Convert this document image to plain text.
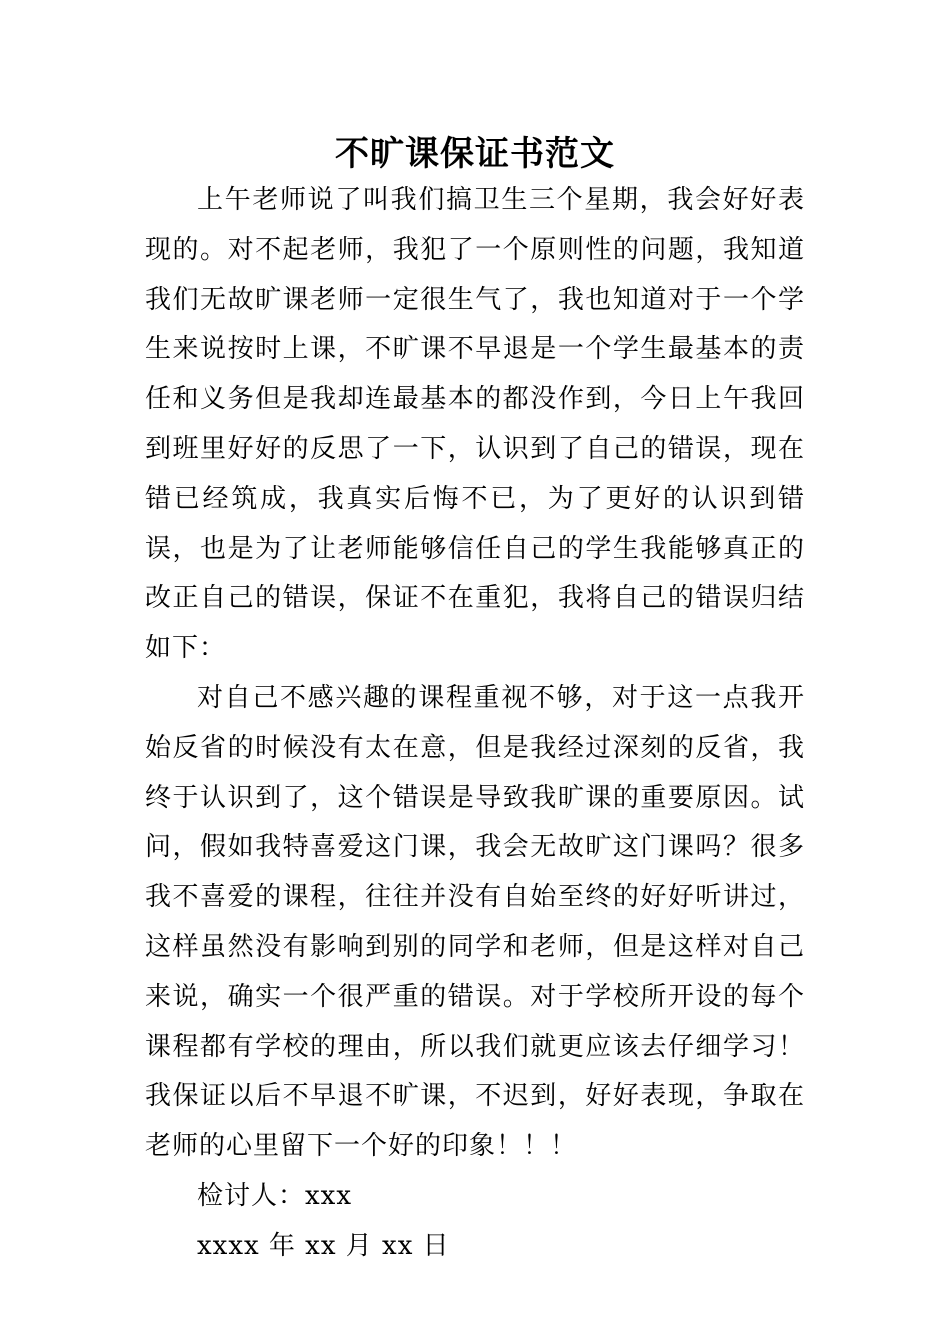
不旷课保证书范文

上午老师说了叫我们搞卫生三个星期，我会好好表现的。对不起老师，我犯了一个原则性的问题，我知道我们无故旷课老师一定很生气了，我也知道对于一个学生来说按时上课，不旷课不早退是一个学生最基本的责任和义务但是我却连最基本的都没作到，今日上午我回到班里好好的反思了一下，认识到了自己的错误，现在错已经筑成，我真实后悔不已，为了更好的认识到错误，也是为了让老师能够信任自己的学生我能够真正的改正自己的错误，保证不在重犯，我将自己的错误归结如下：

对自己不感兴趣的课程重视不够，对于这一点我开始反省的时候没有太在意，但是我经过深刻的反省，我终于认识到了，这个错误是导致我旷课的重要原因。试问，假如我特喜爱这门课，我会无故旷这门课吗？很多我不喜爱的课程，往往并没有自始至终的好好听讲过，这样虽然没有影响到别的同学和老师，但是这样对自己来说，确实一个很严重的错误。对于学校所开设的每个课程都有学校的理由，所以我们就更应该去仔细学习！我保证以后不早退不旷课，不迟到，好好表现，争取在老师的心里留下一个好的印象！！！

检讨人：xxx

xxxx 年 xx 月 xx 日
